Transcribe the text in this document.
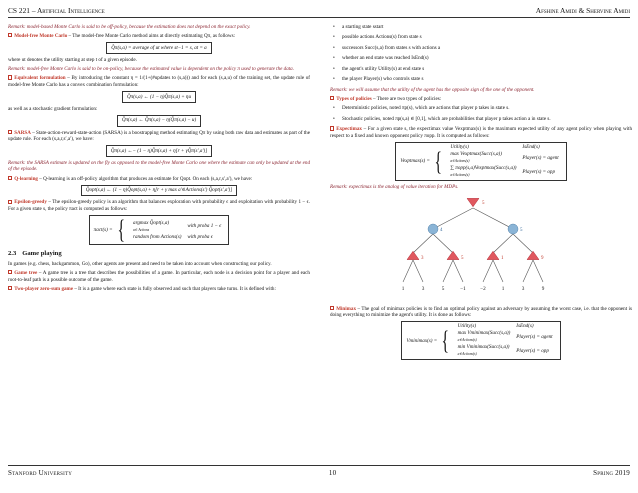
CS 221 – Artificial Intelligence	Afshine Amidi & Shervine Amidi

Remark: model-based Monte Carlo is said to be off-policy, because the estimation does not depend on the exact policy.

Model-free Monte Carlo – The model-free Monte Carlo method aims at directly estimating Qπ, as follows:

Q̂π(s,a) = average of ut where st−1 = s, at = a

where ut denotes the utility starting at step t of a given episode.

Remark: model-free Monte Carlo is said to be on-policy, because the estimated value is dependent on the policy π used to generate the data.

Equivalent formulation – By introducing the constant η = 1/(1+(#updates to (s,a))) and for each (s,a,u) of the training set, the update rule of model-free Monte Carlo has a convex combination formulation:

Q̂π(s,a) ← (1 − η)Q̂π(s,a) + ηu

as well as a stochastic gradient formulation:

Q̂π(s,a) ← Q̂π(s,a) − η(Q̂π(s,a) − u)

SARSA – State-action-reward-state-action (SARSA) is a boostrapping method estimating Qπ by using both raw data and estimates as part of the update rule. For each (s,a,r,s′,a′), we have:

Q̂π(s,a) ←− (1 − η)Q̂π(s,a) + η[r + γQ̂π(s′,a′)]

Remark: the SARSA estimate is updated on the fly as opposed to the model-free Monte Carlo one where the estimate can only be updated at the end of the episode.

Q-learning – Q-learning is an off-policy algorithm that produces an estimate for Qopt. On each (s,a,r,s′,a′), we have:

Q̂opt(s,a) ← (1 − η)Q̂opt(s,a) + η[r + γ max a′∈Actions(s′) Q̂opt(s′,a′)]

Epsilon-greedy – The epsilon-greedy policy is an algorithm that balances exploration with probability ϵ and exploitation with probability 1 − ϵ. For a given state s, the policy πact is computed as follows:

πact(s) = { argmax Q̂opt(s,a)
a∈ Actions	with proba 1 − ϵ
random from Actions(s)	with proba ϵ
2.3 Game playing

In games (e.g. chess, backgammon, Go), other agents are present and need to be taken into account when constructing our policy.

Game tree – A game tree is a tree that describes the possibilities of a game. In particular, each node is a decision point for a player and each root-to-leaf path is a possible outcome of the game.

Two-player zero-sum game – It is a game where each state is fully observed and such that players take turns. It is defined with:

• a starting state sstart
• possible actions Actions(s) from state s
• successors Succ(s,a) from states s with actions a
• whether an end state was reached IsEnd(s)
• the agent's utility Utility(s) at end state s
• the player Player(s) who controls state s

Remark: we will assume that the utility of the agent has the opposite sign of the one of the opponent.

Types of policies – There are two types of policies:

• Deterministic policies, noted πp(s), which are actions that player p takes in state s.
• Stochastic policies, noted πp(s,a) ∈ [0,1], which are probabilities that player p takes action a in state s.

Expectimax – For a given state s, the expectimax value Vexptmax(s) is the maximum expected utility of any agent policy when playing with respect to a fixed and known opponent policy πopp. It is computed as follows:

Vexptmax(s) = { Utility(s)	IsEnd(s)
max Vexptmax(Succ(s,a))
a∈Actions(s)	Player(s) = agent
∑ πopp(s,a)Vexptmax(Succ(s,a))
a∈Actions(s)	Player(s) = opp

Remark: expectimax is the analog of value iteration for MDPs.

5
4	5
3	5	1	9
1	3	5	−1	−2	1	3	9

Minimax – The goal of minimax policies is to find an optimal policy against an adversary by assuming the worst case, i.e. that the opponent is doing everything to minimize the agent's utility. It is done as follows:

Vminimax(s) = { Utility(s)	IsEnd(s)
max Vminimax(Succ(s,a))
a∈Actions(s)	Player(s) = agent
min Vminimax(Succ(s,a))
a∈Actions(s)	Player(s) = opp
Stanford University	10	Spring 2019
